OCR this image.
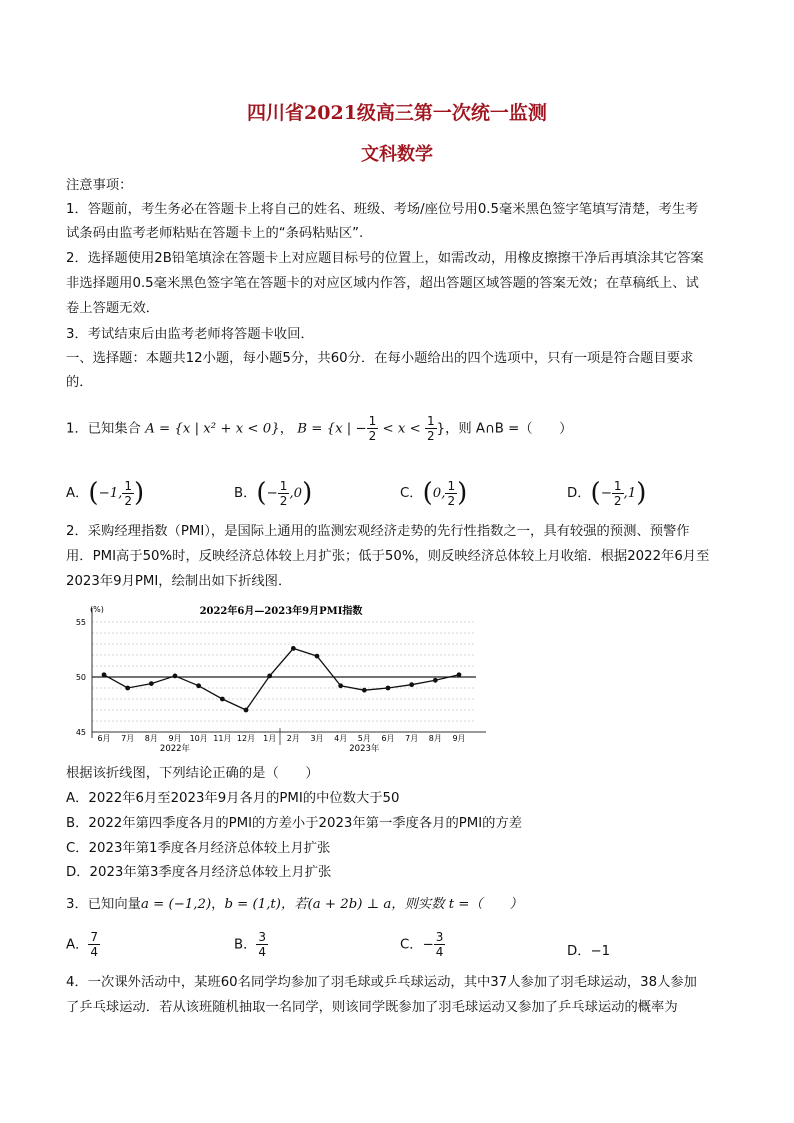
四川省2021级高三第一次统一监测
文科数学
注意事项：
1．答题前，考生务必在答题卡上将自己的姓名、班级、考场/座位号用0.5毫米黑色签字笔填写清楚，考生考
试条码由监考老师粘贴在答题卡上的“条码粘贴区”.
2．选择题使用2B铅笔填涂在答题卡上对应题目标号的位置上，如需改动，用橡皮擦擦干净后再填涂其它答案
非选择题用0.5毫米黑色签字笔在答题卡的对应区域内作答，超出答题区域答题的答案无效；在草稿纸上、试
卷上答题无效．
3．考试结束后由监考老师将答题卡收回．
一、选择题：本题共12小题，每小题5分，共60分．在每小题给出的四个选项中，只有一项是符合题目要求
的．
1．已知集合 A = {x | x² + x < 0}， B = {x | − $\frac{1}{2} < x < \frac{1}{2}$ }，则 A∩B =（　　）
A．(−1, $\frac{1}{2}$ )	B．(− $\frac{1}{2} ,0$)	C．(0, $\frac{1}{2}$ )	D．(− $\frac{1}{2} ,1$)
2．采购经理指数（PMI），是国际上通用的监测宏观经济走势的先行性指数之一，具有较强的预测、预警作
用．PMI高于50%时，反映经济总体较上月扩张；低于50%，则反映经济总体较上月收缩．根据2022年6月至
2023年9月PMI，绘制出如下折线图．
(%)	2022年6月—2023年9月PMI指数
45
50
55
6月 7月 8月 9月 10月 11月 12月 1月 2月 3月 4月 5月 6月 7月 8月 9月
2022年	2023年
根据该折线图，下列结论正确的是（　　）
A．2022年6月至2023年9月各月的PMI的中位数大于50
B．2022年第四季度各月的PMI的方差小于2023年第一季度各月的PMI的方差
C．2023年第1季度各月经济总体较上月扩张
D．2023年第3季度各月经济总体较上月扩张
3．已知向量a = (−1,2)，b = (1,t)，若(a + 2b) ⊥ a，则实数 t =（　　）
A． $\frac{7}{4}$	B． $\frac{3}{4}$	C．− $\frac{3}{4}$	D．−1
4．一次课外活动中，某班60名同学均参加了羽毛球或乒乓球运动，其中37人参加了羽毛球运动，38人参加
了乒乓球运动．若从该班随机抽取一名同学，则该同学既参加了羽毛球运动又参加了乒乓球运动的概率为
